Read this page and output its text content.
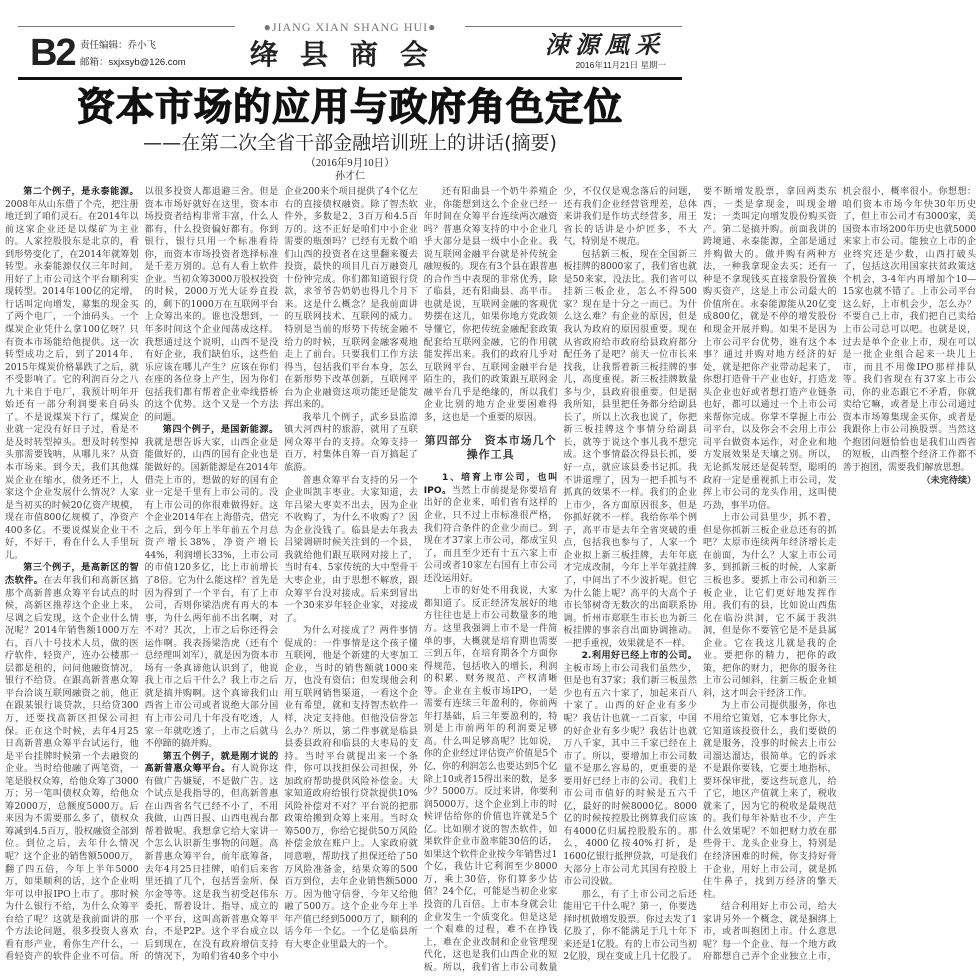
●JIANG XIAN SHANG HUI●
B2 责任编辑：乔小飞
邮箱：sxjxsyb@126.com	绛县商会	涑源風采
2016年11月21日 星期一
资本市场的应用与政府角色定位
——在第二次全省干部金融培训班上的讲话(摘要)
（2016年9月10日）
孙才仁

第二个例子，是永泰能源。2008年从山东借了个壳，把注册地迁到了咱们灵石。在2014年以前这家企业还是以煤矿为主业的。人家控股股东是北京的，看到形势变化了，在2014年就筹划转型。永泰能源仅仅三年时间，用好了上市公司这个平台顺利实现转型。2014年100亿的定增，行话叫定向增发，募集的现金买了两个电厂，一个油码头。一个煤炭企业凭什么拿100亿呀？只有资本市场能给他提供。这一次转型成功之后，到了2014年、2015年煤炭价格暴跌了之后，就不受影响了。它的利润百分之八九十来自于电厂，我预计明年开始还有一部分利润要来自码头了。不是说煤炭下行了，煤炭企业就一定没有好日子过，看是不是及时转型掉头。想及时转型掉头那需要钱呐，从哪儿来？从资本市场来。到今天，我们其他煤炭企业在缩水，债务还不上，人家这个企业发展什么情况？人家是当初买的时候20亿资产规模，现在市值800亿规模了，净资产400多亿。不要说煤炭企业干不好，不好干，看在什么人手里玩儿。

第三个例子，是高新区的智杰软件。在去年我们和高新区搞那个高新普惠众筹平台试点的时候，高新区推荐这个企业上来，尽调之后发现，这个企业什么情况呢？2014年销售额1000万左右，百八十号技术人员，做的医疗软件，轻资产，连办公楼那一层都是租的，问问他融资情况，银行不给贷。在跟高新普惠众筹平台洽谈互联网融资之前，他正在跟某银行谈贷款，只给贷300万，还要找高新区担保公司担保。正在这个时候，去年4月25日高新普惠众筹平台试运行，他是平台挂牌时候第一个去融资的企业。当时给他融了两笔资，一笔是股权众筹，给他众筹了3000万；另一笔叫债权众筹，给他众筹2000万，总额度5000万。后来因为不需要那么多了，债权众筹减到4.5百万，股权融资全部到位。到位之后，去年什么情况呢？这个企业的销售额5000万，翻了四五倍，今年上半年5000万，如果顺利的话，这个企业明年可以申报IPO上市了。那时候为什么银行不给，为什么众筹平台给了呢？这就是我前面讲的那个方法论问题，很多投资人喜欢看有形产业，看你生产什么，一看轻资产的软件企业不可信。所以很多投资人都退避三舍。但是资本市场好就好在这里，资本市场投资者结构非常丰富，什么人都有，什么投资偏好都有。你到银行，银行只用一个标准看待你，而资本市场投资者选择标准是千差万别的。总有人看上软件企业。当初众筹3000万股权投资的时候，2000万光大证券直投的，剩下的1000万在互联网平台上众筹出来的。谁也没想到，一年多时间这个企业闯荡成这样。我想通过这个说明，山西不是没有好企业，我们缺伯乐，这些伯乐应该在哪儿产生？应该在你们在座的各位身上产生，因为你们包括我们都有帮着企业牵线搭桥的这个优势。这个又是一个方法的问题。

第四个例子，是国新能源。我就是想告诉大家，山西企业是能做好的，山西的国有企业也是能做好的。国新能源是在2014年借壳上市的，想做的好的国有企业一定是千里有上市公司的。没有上市公司的你很难做得好。这个企业2014年在上海借壳，借完之后，到今年上半年前五个月总资产增长38%，净资产增长44%，利润增长33%，上市公司的市值120多亿，比上市前增长了8倍。它为什么能这样？首先是因为得到了一个平台，有了上市公司，否则你梁浩虎有再大的本事，为什么两年前不出名啊，对不对？其次，上市之后你还得会运作啊。我表扬梁浩虎（还有个总经理叫刘军），就是因为资本市场有一条真谛他认识到了，他说我上市之后干什么？我上市之后就是搞并购啊。这个真谛我们山西省上市公司或者说绝大部分国有上市公司几十年没有吃透，人家一年就吃透了，上市之后就马不停蹄的搞并购。

第五个例子，就是刚才说的高新普惠众筹平台。有人说你这有做广告嫌疑，不是做广告。这个试点是我指导的，但高新普惠在山西省名气已经不小了，不用我做，山西日报、山西电视台都帮着做呢。我想拿它给大家讲一个怎么认识新生事物的问题。高新普惠众筹平台，前年底筹备，去年4月25日挂牌，咱们后来省里还搞了几个，包括晋金所、保尔金等等。这是我当初受赵伟东委托，帮着设计、指导、成立的一个平台，这叫高新普惠众筹平台，不是P2P。这个平台成立以后到现在，在没有政府增信支持的情况下，为咱们省40多个中小企业200来个项目提供了4个亿左右的直接债权融资。除了智杰软件外，多数是2、3百万和4.5百万的。这不正好是咱们中小企业需要的瓶颈吗？已经有无数个咱们山西的投资者在这里翻来覆去投资，最快的项目几百万融资几十份钟完成。你们都知道银行贷款，求爷爷告奶奶也得几个月下来。这是什么概念？是我前面讲的互联网技术、互联网的威力。特别是当前的形势下传统金融不给力的时候，互联网金融客观地走上了前台。只要我们工作方法得当，包括我们平台本身，怎么在新形势下改革创新，互联网平台为企业融资这项功能还是能发挥出来的。

我举几个例子，武乡县监漳镇大河西村的旅游，就用了互联网众筹平台的支持。众筹支持一百万，村集体自筹一百万搞起了旅游。

普惠众筹平台支持的另一个企业叫凯丰枣业。大家知道，去年吕梁大枣卖不出去，因为企业不收购了，为什么不收购了？因为企业没钱了。临县是去年我去吕梁调研时候关注到的一个县，我就给他们跟互联网对接上了，当时有4、5家传统的大中型骨干大枣企业，由于思想不解放，跟众筹平台没对接成。后来到冒出一个30来岁年轻企业家，对接成了。

为什么对接成了？两件事情促成的：一件事情是这个孩子懂互联网，他是个新建的大枣加工企业，当时的销售额就1000来万，也没有资信；但发现他会利用互联网销售渠道，一看这个企业有希望，就和支持智杰软件一样，决定支持他。但他没信誉怎么办？所以，第二件事就是临县县委县政府和临县的大枣局的支持。当时平台就提出来一个条件，你可以找担保公司担保，外加政府帮助提供风险补偿金。大家知道政府给银行贷款提供10%风险补偿对不对？平台说的把那政策给搬到众筹上来用。当时众筹500万，你给它提供50万风险补偿金放在账户上。人家政府就同意啦，帮助找了担保还给了50万风险准备金，结果众筹的500百万到位，去年企业销售额5000万。因为他守信誉，今年又给他融了500万。这个企业今年上半年产值已经到5000万了，顺利的话今年一个亿。一个亿是临县所有大枣企业里最大的一个。

还有阳曲县一个奶牛养殖企业，你能想到这么个企业已经一年时间在众筹平台连续两次融资吗？普惠众筹支持的中小企业几乎大部分是县一级中小企业。我说互联网金融平台就是补传统金融短板的。现在有3个县在跟普惠的合作当中表现的非常优秀，除了临县，还有阳曲县、高平市。也就是说，互联网金融的客观优势摆在这儿，如果你地方党政领导懂它，你把传统金融配套政策配套给互联网金融，它的作用就能发挥出来。我们的政府几乎对互联网平台、互联网金融平台是陌生的，我们的政策跟互联网金融平台几乎是绝缘的，所以我们企业比别的地方企业要困难得多，这也是一个重要的原因。

第四部分　资本市场几个操作工具

1、培育上市公司，也叫IPO。当然上市前提是你要培育出好的企业来，咱们省有这样的企业，只不过上市标准很严格，我们符合条件的企业少而已。到现在才37家上市公司，都成宝贝了，而且至少还有十五六家上市公司或者10家左右国有上市公司还没运用好。

上市的好处不用我说，大家都知道了。反正经济发展好的地方往往也是上市公司数量多的地方。这里我强调上市不是一件简单的事，大概就是培育期也需要三到五年，在培育期各个方面你得规范，包括收入的增长，利润的积累、财务规范、产权清晰等。企业在主板市场IPO，一是需要有连续三年盈利的，你前两年打基础，后三年要盈利的，特别是上市前两年的利润要足够高。什么叫足够高呢？比如说，你的企业经过评估资产价值是5个亿，你的利润怎么也要达到5个亿除上10或者15得出来的数，是多少？5000万。反过来讲，你要利润5000万，这个企业到上市的时候评估给你的价值也许就是5个亿。比如刚才说的智杰软件，如果软件企业市盈率能30倍的话，如果这个软件企业按今年销售过1个亿，我估计它利润至少8000万，乘上30倍，你们算多少估值？24个亿，可能是当初企业家投资的几百倍。上市本身就会让企业发生一个质变化。但是这是一个艰难的过程，难不在挣钱上，难在企业改制和企业管理现代化，这也是我们山西企业的短板。所以，我们省上市公司数量少，不仅仅是观念落后的问题，还有我们企业经营管理差，总体来讲我们是作坊式经营多，用王省长的话讲是小炉匠多，不大气，特别是不规范。

包括新三板，现在全国新三板挂牌的8000家了，我们省也就是50来家，没法比。我们省可以挂新三板企业，怎么不得500家？现在是十分之一而已。为什么这么难？有企业的原因，但是我认为政府的原因很重要。现在从省政府给市政府给县政府都分配任务了是吧？前天一位市长来找我，让我帮着新三板挂牌的事儿，高度重视。新三板挂牌数量多与少，县政府很重要。但是据我所知，县里把任务都分给副县长了，所以上次我也说了，你把新三板挂牌这个事情分给副县长，就等于说这个事儿我不想完成。这个事情最次得县长抓，要好一点，就应该县委书记抓。我不讲道理了，因为一把手抓与不抓真的效果不一样。我们的企业上市少，各方面原因很多，但是你抓好就不一样。我给你举个例子，高平市是去年全省突破的重点，包括我也参与了，人家一个企业拟上新三板挂牌，去年年底才完成改制，今年上半年就挂牌了，中间出了不少波折呢。但它为什么能上呢？高平的大高个子市长邹树奇无数次的出面联系协调。忻州市郑联生市长也为新三板挂牌的事亲自出面协调推动。一把手重视，效果就是不一样。

2.利用好已经上市的公司。主板市场上市公司我们虽然少，但是也有37家；我们新三板虽然少也有五六十家了，加起来百八十家了。山西的好企业有多少呢？我估计也就一二百家，中国的好企业有多少呢？我估计也就万八千家，其中三千家已经在上市了。所以，要增加上市公司数量不是那么容易的，更重要的是要用好已经上市的公司。我们上市公司市值好的时候是五六千亿，最好的时候8000亿。8000亿的时候按控股比例算我们应该有4000亿归属控股股东的。那么，4000亿按40%打折，是1600亿银行抵押贷款，可是我们大部分上市公司尤其国有控股上市公司没做。

那么，有了上市公司之后还能用它干什么呢？第一，你要选择时机做增发股票。你过去发了1亿股了，你不能满足于几十年下来还是1亿股。有的上市公司当初2亿股，现在变成上几十亿股了。要不断增发股票，拿回两类东西，一类是拿现金，叫现金增发；一类叫定向增发股份购买资产。第二是搞并购。前面我讲的跨境通、永泰能源，全部是通过并购做大的。做并购有两种方法，一种我拿现金去买；还有一种是不拿现钱买直接拿股份置换购买资产，这是上市公司最大的价值所在。永泰能源能从20亿变成800亿，就是不停的增发股份和现金开展并购。如果不是因为上市公司平台优势，谁有这个本事？通过并购对地方经济的好处，就是把你产业带动起来了，你想打造骨干产业也好，打造龙头企业也好或者想打造产业链条也好，都可以通过一个上市公司来帮你完成。你掌不掌握上市公司平台，以及你会不会用上市公司平台做资本运作，对企业和地方发展效果是天壤之别。所以，无论抓发展还是促转型，聪明的政府一定是重视抓上市公司，发挥上市公司的龙头作用，这叫使巧劲，事半功倍。

上市公司县里少，抓不着，但是你抓新三板企业总还有的抓吧？太原市连续两年经济增长走在前面，为什么？人家上市公司多，到抓新三板的时候，人家新三板也多。要抓上市公司和新三板企业，让它们更好地发挥作用。我们有的县，比如说山西焦化在临汾洪洞，它不属于我洪洞，但是你不要管它是不是县属企业。它在我这儿就是我的企业。要把你的精力，把你的政策，把你的财力，把你的服务往上市公司倾斜，往新三板企业倾斜，这才叫会干经济工作。

为上市公司提供服务，你也不用给它策划，它本事比你大，它知道该投资什么，我们要做的就是服务，没事的时候去上市公司溜达溜达，很简单。它的诉求不是跟你要钱，它要土地指标，要环保审批，要这些玩意儿，给了它，地区产值就上来了，税收就来了，因为它的税收是最规范的。我们每年补贴也不少，产生什么效果呢？不如把财力放在那些骨干、龙头企业身上，特别是在经济困难的时候，你支持好骨干企业，用好上市公司，就是抓住牛鼻子，找到万经济的擎天柱。

结合利用好上市公司，给大家讲另外一个概念，就是捆绑上市，或者叫抱团上市。什么意思呢？每一个企业、每一个地方政府都想自己弄个企业独立上市，机会很小，概率很小。你想想：咱们资本市场今年快30年历史了，但上市公司才有3000家，美国资本市场200年历史也就5000来家上市公司。能独立上市的企业终究还是少数，山西打破头了，包括这次用国家扶贫政策这个机会，3-4年内再增加个10—15家也就不错了。上市公司平台这么好，上市机会少，怎么办？不要自己上市，我们把自己卖给上市公司总可以吧。也就是说，过去是单个企业上市，现在可以是一批企业组合起来一块儿上市，而且不用像IPO那样排队等。我们省现在有37家上市公司，你的业态跟它不矛盾，你就卖给它嘛，或者是上市公司通过资本市场筹集现金买你，或者是我跟你上市公司换股票。当然这个抱团问题恰恰也是我们山西省的短板，山西整个经济工作都不善于抱团，需要我们解放思想。

（未完待续）
